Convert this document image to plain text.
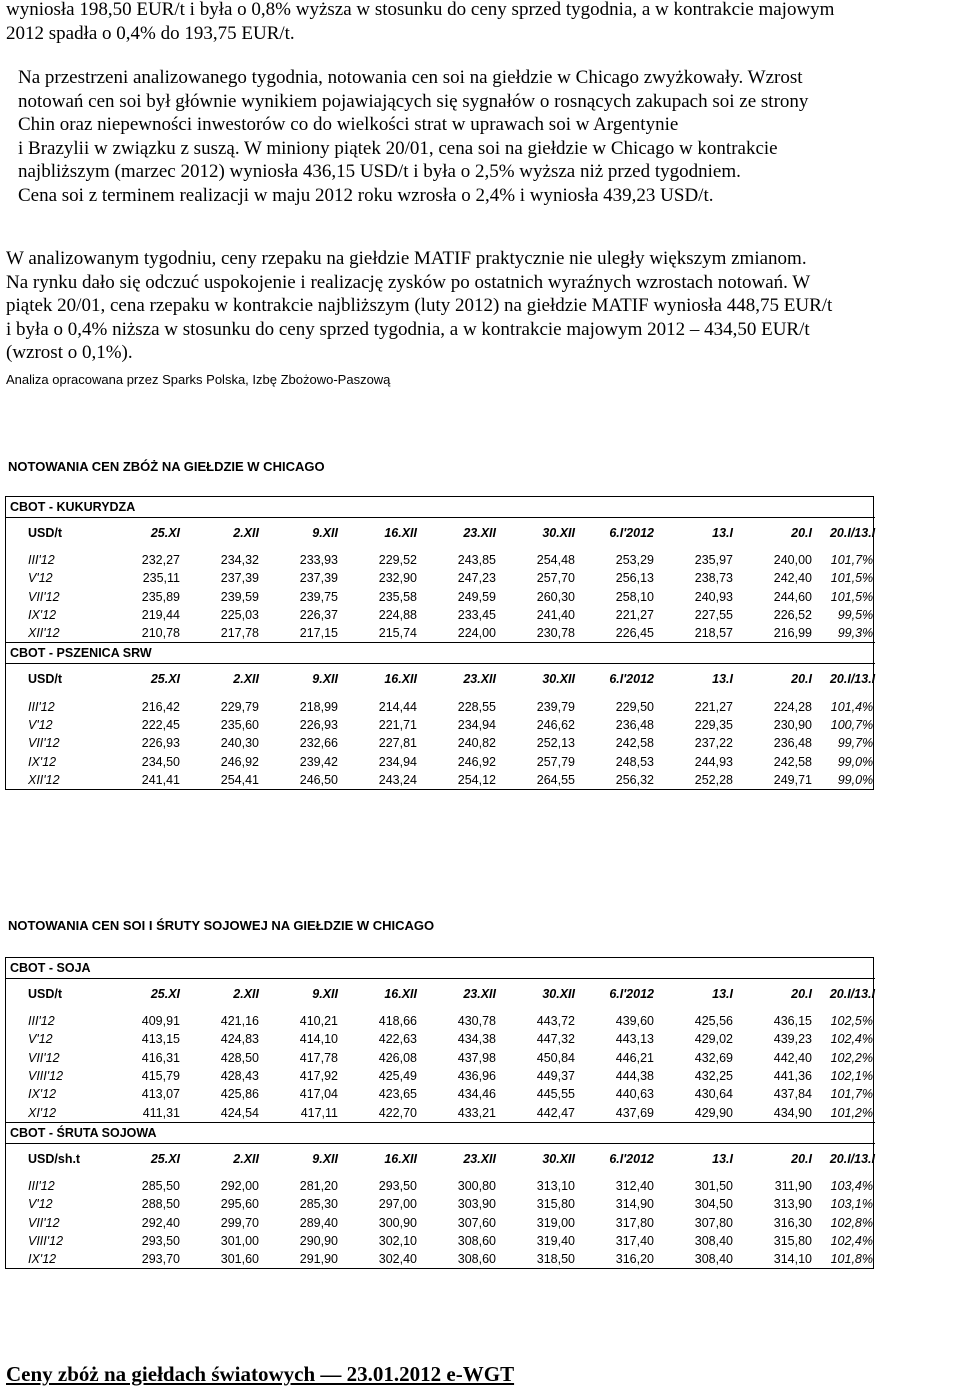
wyniosła 198,50 EUR/t i była o 0,8% wyższa w stosunku do ceny sprzed tygodnia, a w kontrakcie majowym

2012 spadła o 0,4% do 193,75 EUR/t.

Na przestrzeni analizowanego tygodnia, notowania cen soi na giełdzie w Chicago zwyżkowały. Wzrost

notowań cen soi był głównie wynikiem pojawiających się sygnałów o rosnących zakupach soi ze strony

Chin oraz niepewności inwestorów co do wielkości strat w uprawach soi w Argentynie

i Brazylii w związku z suszą. W miniony piątek 20/01, cena soi na giełdzie w Chicago w kontrakcie

najbliższym (marzec 2012) wyniosła 436,15 USD/t i była o 2,5% wyższa niż przed tygodniem.

Cena soi z terminem realizacji w maju 2012 roku wzrosła o 2,4% i wyniosła 439,23 USD/t.

W analizowanym tygodniu, ceny rzepaku na giełdzie MATIF praktycznie nie uległy większym zmianom.

Na rynku dało się odczuć uspokojenie i realizację zysków po ostatnich wyraźnych wzrostach notowań. W

piątek 20/01, cena rzepaku w kontrakcie najbliższym (luty 2012) na giełdzie MATIF wyniosła 448,75 EUR/t

i była o 0,4% niższa w stosunku do ceny sprzed tygodnia, a w kontrakcie majowym 2012 – 434,50 EUR/t

(wzrost o 0,1%).

Analiza opracowana przez Sparks Polska, Izbę Zbożowo-Paszową

NOTOWANIA CEN ZBÓŻ NA GIEŁDZIE W CHICAGO

CBOT - KUKURYDZA										
USD/t	25.XI	2.XII	9.XII	16.XII	23.XII	30.XII	6.I'2012	13.I	20.I	20.I/13.I

III'12	232,27	234,32	233,93	229,52	243,85	254,48	253,29	235,97	240,00	101,7%
V'12	235,11	237,39	237,39	232,90	247,23	257,70	256,13	238,73	242,40	101,5%
VII'12	235,89	239,59	239,75	235,58	249,59	260,30	258,10	240,93	244,60	101,5%
IX'12	219,44	225,03	226,37	224,88	233,45	241,40	221,27	227,55	226,52	99,5%
XII'12	210,78	217,78	217,15	215,74	224,00	230,78	226,45	218,57	216,99	99,3%
CBOT - PSZENICA SRW										
USD/t	25.XI	2.XII	9.XII	16.XII	23.XII	30.XII	6.I'2012	13.I	20.I	20.I/13.I

III'12	216,42	229,79	218,99	214,44	228,55	239,79	229,50	221,27	224,28	101,4%
V'12	222,45	235,60	226,93	221,71	234,94	246,62	236,48	229,35	230,90	100,7%
VII'12	226,93	240,30	232,66	227,81	240,82	252,13	242,58	237,22	236,48	99,7%
IX'12	234,50	246,92	239,42	234,94	246,92	257,79	248,53	244,93	242,58	99,0%
XII'12	241,41	254,41	246,50	243,24	254,12	264,55	256,32	252,28	249,71	99,0%

NOTOWANIA CEN SOI I ŚRUTY SOJOWEJ NA GIEŁDZIE W CHICAGO

CBOT - SOJA										
USD/t	25.XI	2.XII	9.XII	16.XII	23.XII	30.XII	6.I'2012	13.I	20.I	20.I/13.I

III'12	409,91	421,16	410,21	418,66	430,78	443,72	439,60	425,56	436,15	102,5%
V'12	413,15	424,83	414,10	422,63	434,38	447,32	443,13	429,02	439,23	102,4%
VII'12	416,31	428,50	417,78	426,08	437,98	450,84	446,21	432,69	442,40	102,2%
VIII'12	415,79	428,43	417,92	425,49	436,96	449,37	444,38	432,25	441,36	102,1%
IX'12	413,07	425,86	417,04	423,65	434,46	445,55	440,63	430,64	437,84	101,7%
XI'12	411,31	424,54	417,11	422,70	433,21	442,47	437,69	429,90	434,90	101,2%
CBOT - ŚRUTA SOJOWA										
USD/sh.t	25.XI	2.XII	9.XII	16.XII	23.XII	30.XII	6.I'2012	13.I	20.I	20.I/13.I

III'12	285,50	292,00	281,20	293,50	300,80	313,10	312,40	301,50	311,90	103,4%
V'12	288,50	295,60	285,30	297,00	303,90	315,80	314,90	304,50	313,90	103,1%
VII'12	292,40	299,70	289,40	300,90	307,60	319,00	317,80	307,80	316,30	102,8%
VIII'12	293,50	301,00	290,90	302,10	308,60	319,40	317,40	308,40	315,80	102,4%
IX'12	293,70	301,60	291,90	302,40	308,60	318,50	316,20	308,40	314,10	101,8%

Ceny zbóż na giełdach światowych — 23.01.2012 e-WGT
